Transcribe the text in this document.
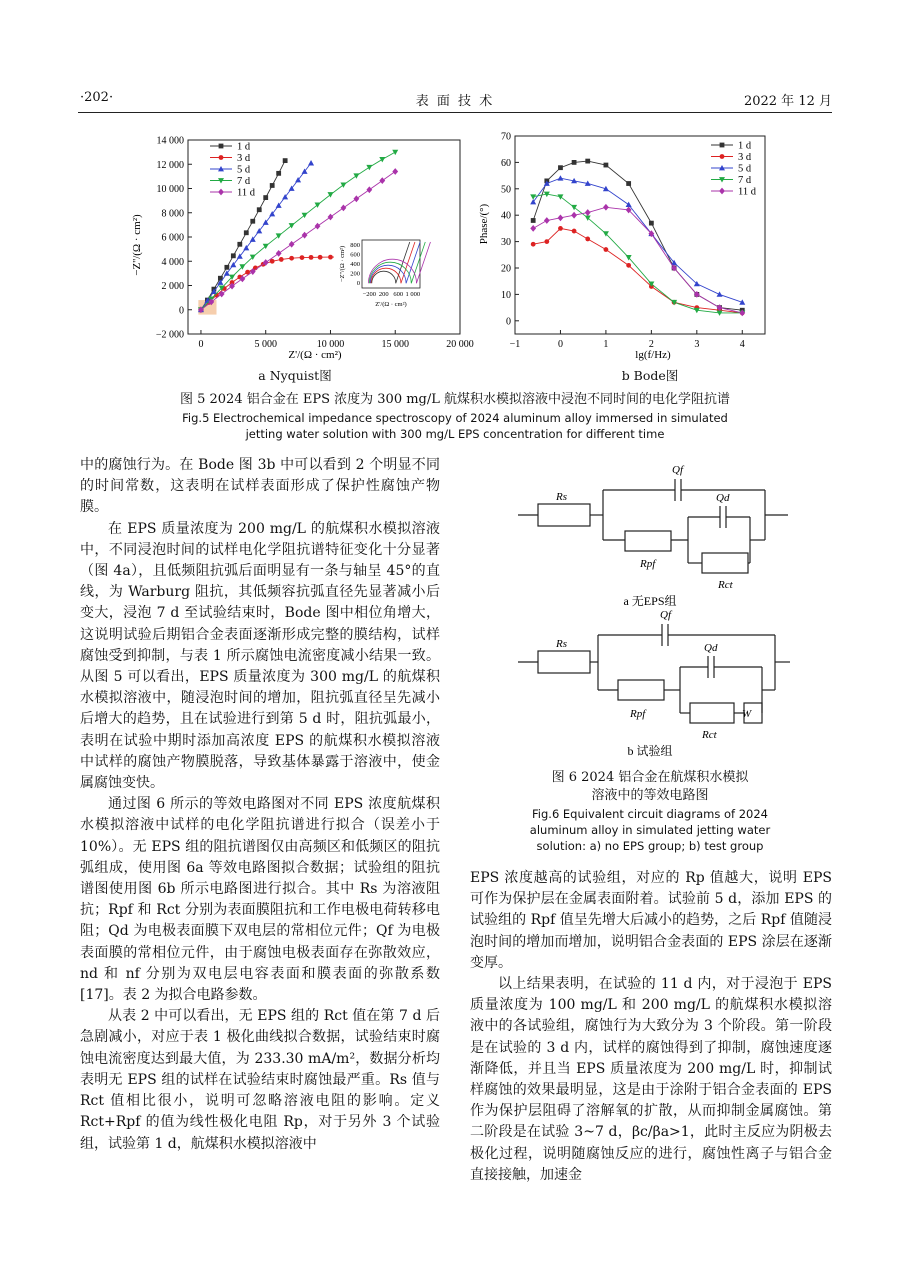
·202·	表 面 技 术	2022 年 12 月
0	5 000	10 000	15 000	20 000
−2 000
0
2 000
4 000
6 000
8 000
10 000
12 000
14 000
1 d
3 d
5 d
7 d
11 d
−200 200 600 1 000
0
200
400
600
800
Z'/(Ω · cm²)
−Z''/(Ω · cm²)
Z'/(Ω · cm²)
−Z''/(Ω · cm²)
a Nyquist图
−1	0	1	2	3	4
0
10
20
30
40
50
60
70
1 d
3 d
5 d
7 d
11 d
lg(f/Hz)
Phase/(°)
b Bode图
图 5 2024 铝合金在 EPS 浓度为 300 mg/L 航煤积水模拟溶液中浸泡不同时间的电化学阻抗谱
Fig.5 Electrochemical impedance spectroscopy of 2024 aluminum alloy immersed in simulated
jetting water solution with 300 mg/L EPS concentration for different time

中的腐蚀行为。在 Bode 图 3b 中可以看到 2 个明显不同的时间常数，这表明在试样表面形成了保护性腐蚀产物膜。

在 EPS 质量浓度为 200 mg/L 的航煤积水模拟溶液中，不同浸泡时间的试样电化学阻抗谱特征变化十分显著（图 4a），且低频阻抗弧后面明显有一条与轴呈 45°的直线，为 Warburg 阻抗，其低频容抗弧直径先显著减小后变大，浸泡 7 d 至试验结束时，Bode 图中相位角增大，这说明试验后期铝合金表面逐渐形成完整的膜结构，试样腐蚀受到抑制，与表 1 所示腐蚀电流密度减小结果一致。从图 5 可以看出，EPS 质量浓度为 300 mg/L 的航煤积水模拟溶液中，随浸泡时间的增加，阻抗弧直径呈先减小后增大的趋势，且在试验进行到第 5 d 时，阻抗弧最小，表明在试验中期时添加高浓度 EPS 的航煤积水模拟溶液中试样的腐蚀产物膜脱落，导致基体暴露于溶液中，使金属腐蚀变快。

通过图 6 所示的等效电路图对不同 EPS 浓度航煤积水模拟溶液中试样的电化学阻抗谱进行拟合（误差小于 10%）。无 EPS 组的阻抗谱图仅由高频区和低频区的阻抗弧组成，使用图 6a 等效电路图拟合数据；试验组的阻抗谱图使用图 6b 所示电路图进行拟合。其中 Rs 为溶液阻抗；Rpf 和 Rct 分别为表面膜阻抗和工作电极电荷转移电阻；Qd 为电极表面膜下双电层的常相位元件；Qf 为电极表面膜的常相位元件，由于腐蚀电极表面存在弥散效应，nd 和 nf 分别为双电层电容表面和膜表面的弥散系数[17]。表 2 为拟合电路参数。

从表 2 中可以看出，无 EPS 组的 Rct 值在第 7 d 后急剧减小，对应于表 1 极化曲线拟合数据，试验结束时腐蚀电流密度达到最大值，为 233.30 mA/m²，数据分析均表明无 EPS 组的试样在试验结束时腐蚀最严重。Rs 值与 Rct 值相比很小，说明可忽略溶液电阻的影响。定义 Rct+Rpf 的值为线性极化电阻 Rp，对于另外 3 个试验组，试验第 1 d，航煤积水模拟溶液中

Rs
Qf
Qd
Rpf
Rct
Rs
Qf
Qd
Rpf
Rct
W
a 无EPS组
b 试验组
图 6 2024 铝合金在航煤积水模拟
溶液中的等效电路图
Fig.6 Equivalent circuit diagrams of 2024
aluminum alloy in simulated jetting water
solution: a) no EPS group; b) test group

EPS 浓度越高的试验组，对应的 Rp 值越大，说明 EPS 可作为保护层在金属表面附着。试验前 5 d，添加 EPS 的试验组的 Rpf 值呈先增大后减小的趋势，之后 Rpf 值随浸泡时间的增加而增加，说明铝合金表面的 EPS 涂层在逐渐变厚。

以上结果表明，在试验的 11 d 内，对于浸泡于 EPS 质量浓度为 100 mg/L 和 200 mg/L 的航煤积水模拟溶液中的各试验组，腐蚀行为大致分为 3 个阶段。第一阶段是在试验的 3 d 内，试样的腐蚀得到了抑制，腐蚀速度逐渐降低，并且当 EPS 质量浓度为 200 mg/L 时，抑制试样腐蚀的效果最明显，这是由于涂附于铝合金表面的 EPS 作为保护层阻碍了溶解氧的扩散，从而抑制金属腐蚀。第二阶段是在试验 3~7 d，βc/βa>1，此时主反应为阴极去极化过程，说明随腐蚀反应的进行，腐蚀性离子与铝合金直接接触，加速金
